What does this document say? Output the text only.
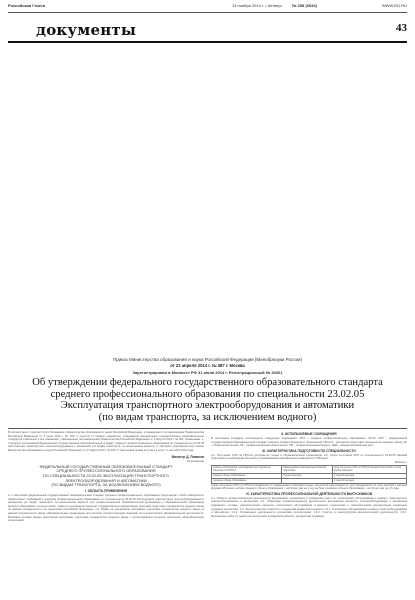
Российская Газета	13 ноября 2014 г. • Четверг № 258 (6533)	WWW.RG.RU
документы	43
Приказ Министерства образования и науки Российской Федерации (Минобрнауки России)
от 22 апреля 2014 г. № 387 г. Москва
Зарегистрирован в Минюсте РФ 31 июля 2014 г. Регистрационный № 33301
Об утверждении федерального государственного образовательного стандарта
среднего профессионального образования по специальности 23.02.05
Эксплуатация транспортного электрооборудования и автоматики
(по видам транспорта, за исключением водного)
В соответствии с пунктом 5.2.41 Положения о Министерстве образования и науки Российской Федерации, утвержденного постановлением Правительства Российской Федерации от 3 июня 2013 г. № 466, и пунктом 17 Правил разработки, утверждения федеральных государственных образовательных стандартов и внесения в них изменений, утвержденных постановлением Правительства Российской Федерации от 5 августа 2013 г. № 661, приказываю: 1. Утвердить прилагаемый федеральный государственный образовательный стандарт среднего профессионального образования по специальности 23.02.05 Эксплуатация транспортного электрооборудования и автоматики (по видам транспорта, за исключением водного). 2. Признать утратившим силу приказ Министерства образования и науки Российской Федерации от 17 марта 2010 г. № 183. 3. Настоящий приказ вступает в силу с 1 сентября 2014 года.
Министр Д. Ливанов
Приложение
ФЕДЕРАЛЬНЫЙ ГОСУДАРСТВЕННЫЙ ОБРАЗОВАТЕЛЬНЫЙ СТАНДАРТ
СРЕДНЕГО ПРОФЕССИОНАЛЬНОГО ОБРАЗОВАНИЯ
ПО СПЕЦИАЛЬНОСТИ 23.02.05 ЭКСПЛУАТАЦИЯ ТРАНСПОРТНОГО
ЭЛЕКТРООБОРУДОВАНИЯ И АВТОМАТИКИ
(ПО ВИДАМ ТРАНСПОРТА, ЗА ИСКЛЮЧЕНИЕМ ВОДНОГО)
I. ОБЛАСТЬ ПРИМЕНЕНИЯ
1.1. Настоящий федеральный государственный образовательный стандарт среднего профессионального образования представляет собой совокупность обязательных требований к среднему профессиональному образованию по специальности 23.02.05 Эксплуатация транспортного электрооборудования и автоматики (по видам транспорта, за исключением водного) для профессиональной образовательной организации и образовательной организации высшего образования, которые имеют право на реализацию имеющих государственную аккредитацию программ подготовки специалистов среднего звена по данной специальности, на территории Российской Федерации. 1.2. Право на реализацию программы подготовки специалистов среднего звена по данной специальности имеет образовательная организация при наличии соответствующей лицензии на осуществление образовательной деятельности. Возможна сетевая форма реализации программы подготовки специалистов среднего звена с использованием ресурсов нескольких образовательных организаций.
II. ИСПОЛЬЗУЕМЫЕ СОКРАЩЕНИЯ
В настоящем стандарте используются следующие сокращения: СПО – среднее профессиональное образование; ФГОС СПО – федеральный государственный образовательный стандарт среднего профессионального образования; ППССЗ – программа подготовки специалистов среднего звена; ОК – общая компетенция; ПК – профессиональная компетенция; ПМ – профессиональный модуль; МДК – междисциплинарный курс.
III. ХАРАКТЕРИСТИКА ПОДГОТОВКИ ПО СПЕЦИАЛЬНОСТИ
3.1. Получение СПО по ППССЗ допускается только в образовательной организации. 3.2. Сроки получения СПО по специальности 23.02.05 базовой подготовки в очной форме обучения и присваиваемая квалификация приводятся в Таблице 1.
Таблица 1
Уровень образования, необходимый для приема на обучение по ППССЗ	Наименование квалификации базовой подготовки	Срок получения СПО по ППССЗ базовой подготовки в очной форме обучения
среднее общее образование	Техник-электрик	2 года 10 месяцев
основное общее образование		3 года 10 месяцев
Сроки получения СПО по ППССЗ независимо от применяемых образовательных технологий увеличиваются: для обучающихся по очно-заочной и заочной формам обучения: на базе среднего общего образования – не более чем на 1 год; на базе основного общего образования – не более чем на 1,5 года.
IV. ХАРАКТЕРИСТИКА ПРОФЕССИОНАЛЬНОЙ ДЕЯТЕЛЬНОСТИ ВЫПУСКНИКОВ
4.1. Область профессиональной деятельности выпускников: организация и проведение работ по техническому обслуживанию и ремонту транспортного электрооборудования и автоматики. 4.2. Объектами профессиональной деятельности выпускников являются: электрооборудование и автоматика подвижного состава; технологические процессы технического обслуживания и ремонта; техническая и технологическая документация; первичные трудовые коллективы. 4.3. Техник-электрик готовится к следующим видам деятельности: 4.3.1. Техническое обслуживание и ремонт электрооборудования и автоматики. 4.3.2. Организация деятельности коллектива исполнителей. 4.3.3. Участие в конструкторско-технологической деятельности. 4.3.4. Выполнение работ по одной или нескольким профессиям рабочих, должностям служащих.
